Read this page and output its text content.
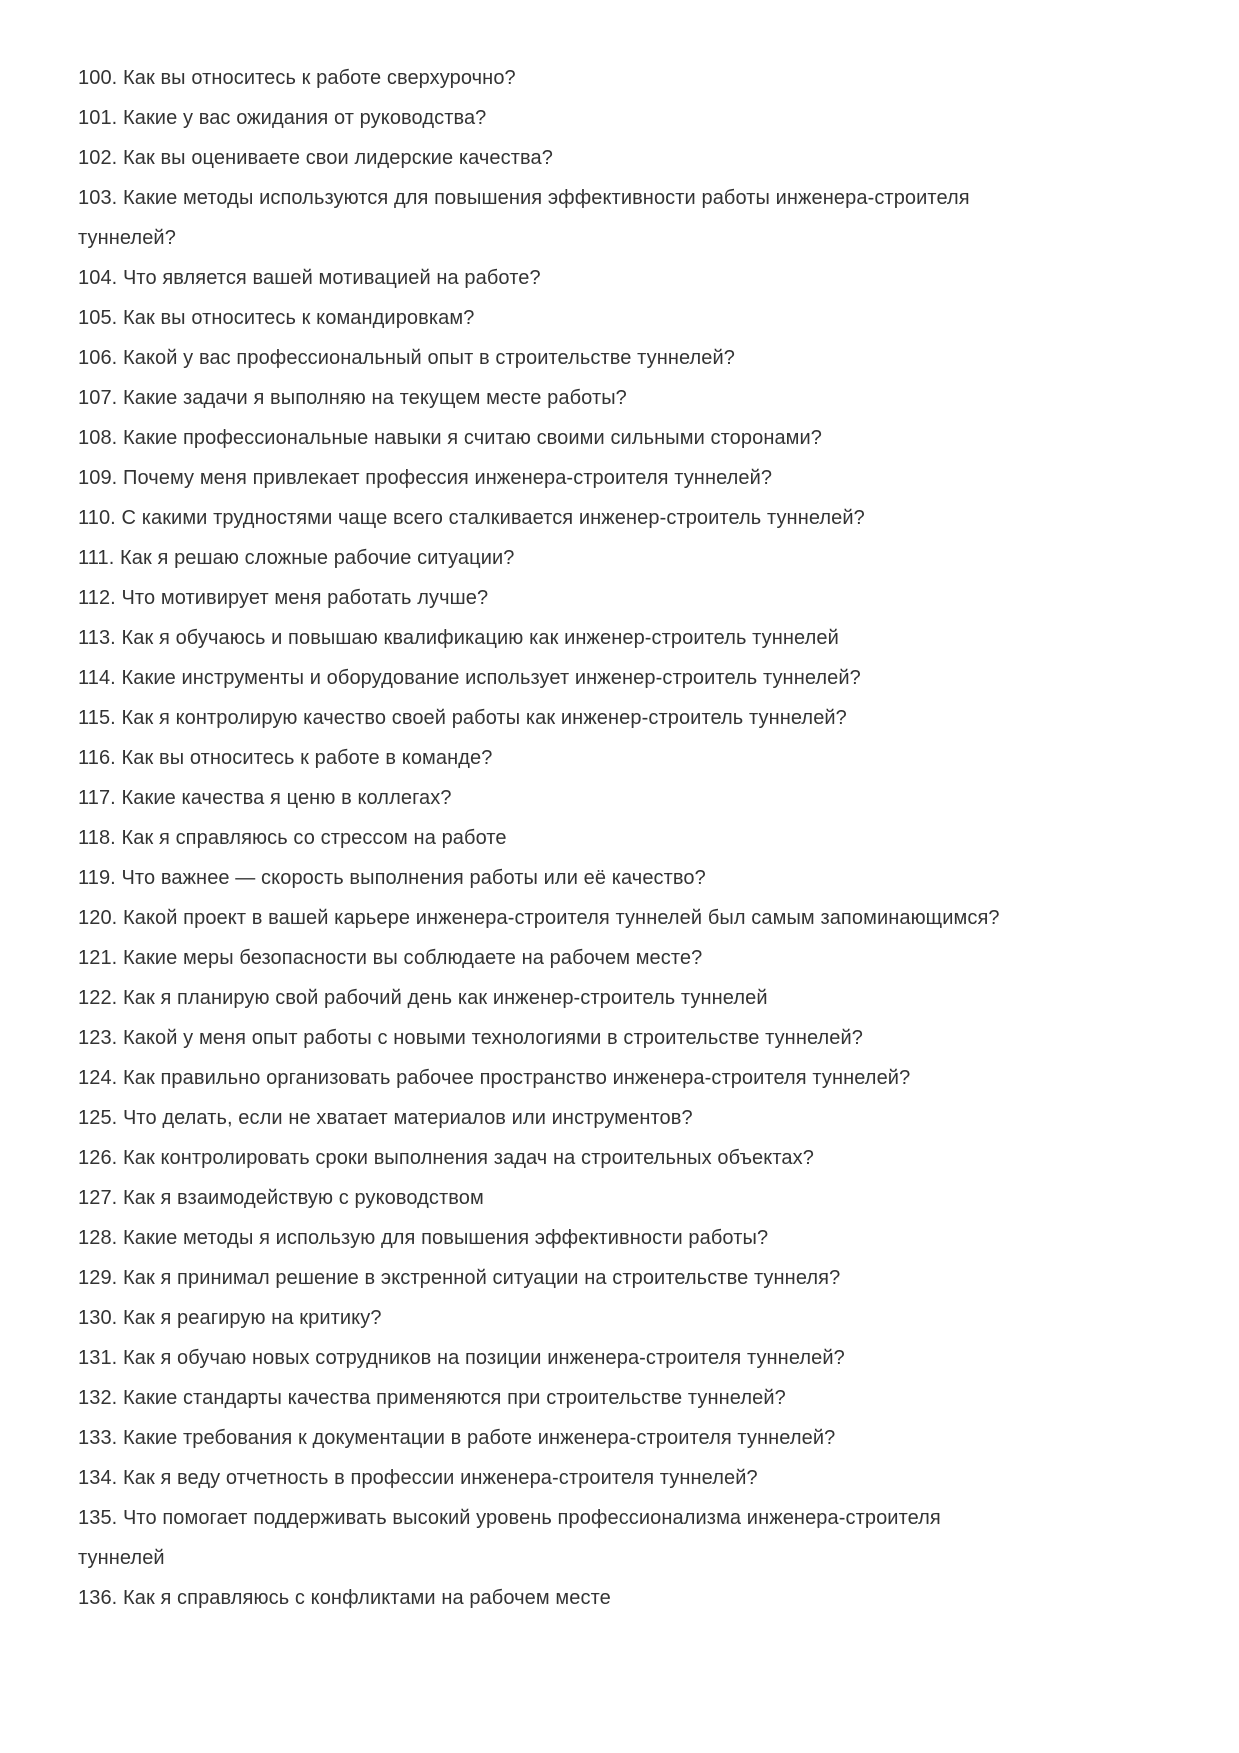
100. Как вы относитесь к работе сверхурочно?

101. Какие у вас ожидания от руководства?

102. Как вы оцениваете свои лидерские качества?

103. Какие методы используются для повышения эффективности работы инженера-строителя туннелей?

104. Что является вашей мотивацией на работе?

105. Как вы относитесь к командировкам?

106. Какой у вас профессиональный опыт в строительстве туннелей?

107. Какие задачи я выполняю на текущем месте работы?

108. Какие профессиональные навыки я считаю своими сильными сторонами?

109. Почему меня привлекает профессия инженера-строителя туннелей?

110. С какими трудностями чаще всего сталкивается инженер-строитель туннелей?

111. Как я решаю сложные рабочие ситуации?

112. Что мотивирует меня работать лучше?

113. Как я обучаюсь и повышаю квалификацию как инженер-строитель туннелей

114. Какие инструменты и оборудование использует инженер-строитель туннелей?

115. Как я контролирую качество своей работы как инженер-строитель туннелей?

116. Как вы относитесь к работе в команде?

117. Какие качества я ценю в коллегах?

118. Как я справляюсь со стрессом на работе

119. Что важнее — скорость выполнения работы или её качество?

120. Какой проект в вашей карьере инженера-строителя туннелей был самым запоминающимся?

121. Какие меры безопасности вы соблюдаете на рабочем месте?

122. Как я планирую свой рабочий день как инженер-строитель туннелей

123. Какой у меня опыт работы с новыми технологиями в строительстве туннелей?

124. Как правильно организовать рабочее пространство инженера-строителя туннелей?

125. Что делать, если не хватает материалов или инструментов?

126. Как контролировать сроки выполнения задач на строительных объектах?

127. Как я взаимодействую с руководством

128. Какие методы я использую для повышения эффективности работы?

129. Как я принимал решение в экстренной ситуации на строительстве туннеля?

130. Как я реагирую на критику?

131. Как я обучаю новых сотрудников на позиции инженера-строителя туннелей?

132. Какие стандарты качества применяются при строительстве туннелей?

133. Какие требования к документации в работе инженера-строителя туннелей?

134. Как я веду отчетность в профессии инженера-строителя туннелей?

135. Что помогает поддерживать высокий уровень профессионализма инженера-строителя туннелей

136. Как я справляюсь с конфликтами на рабочем месте
